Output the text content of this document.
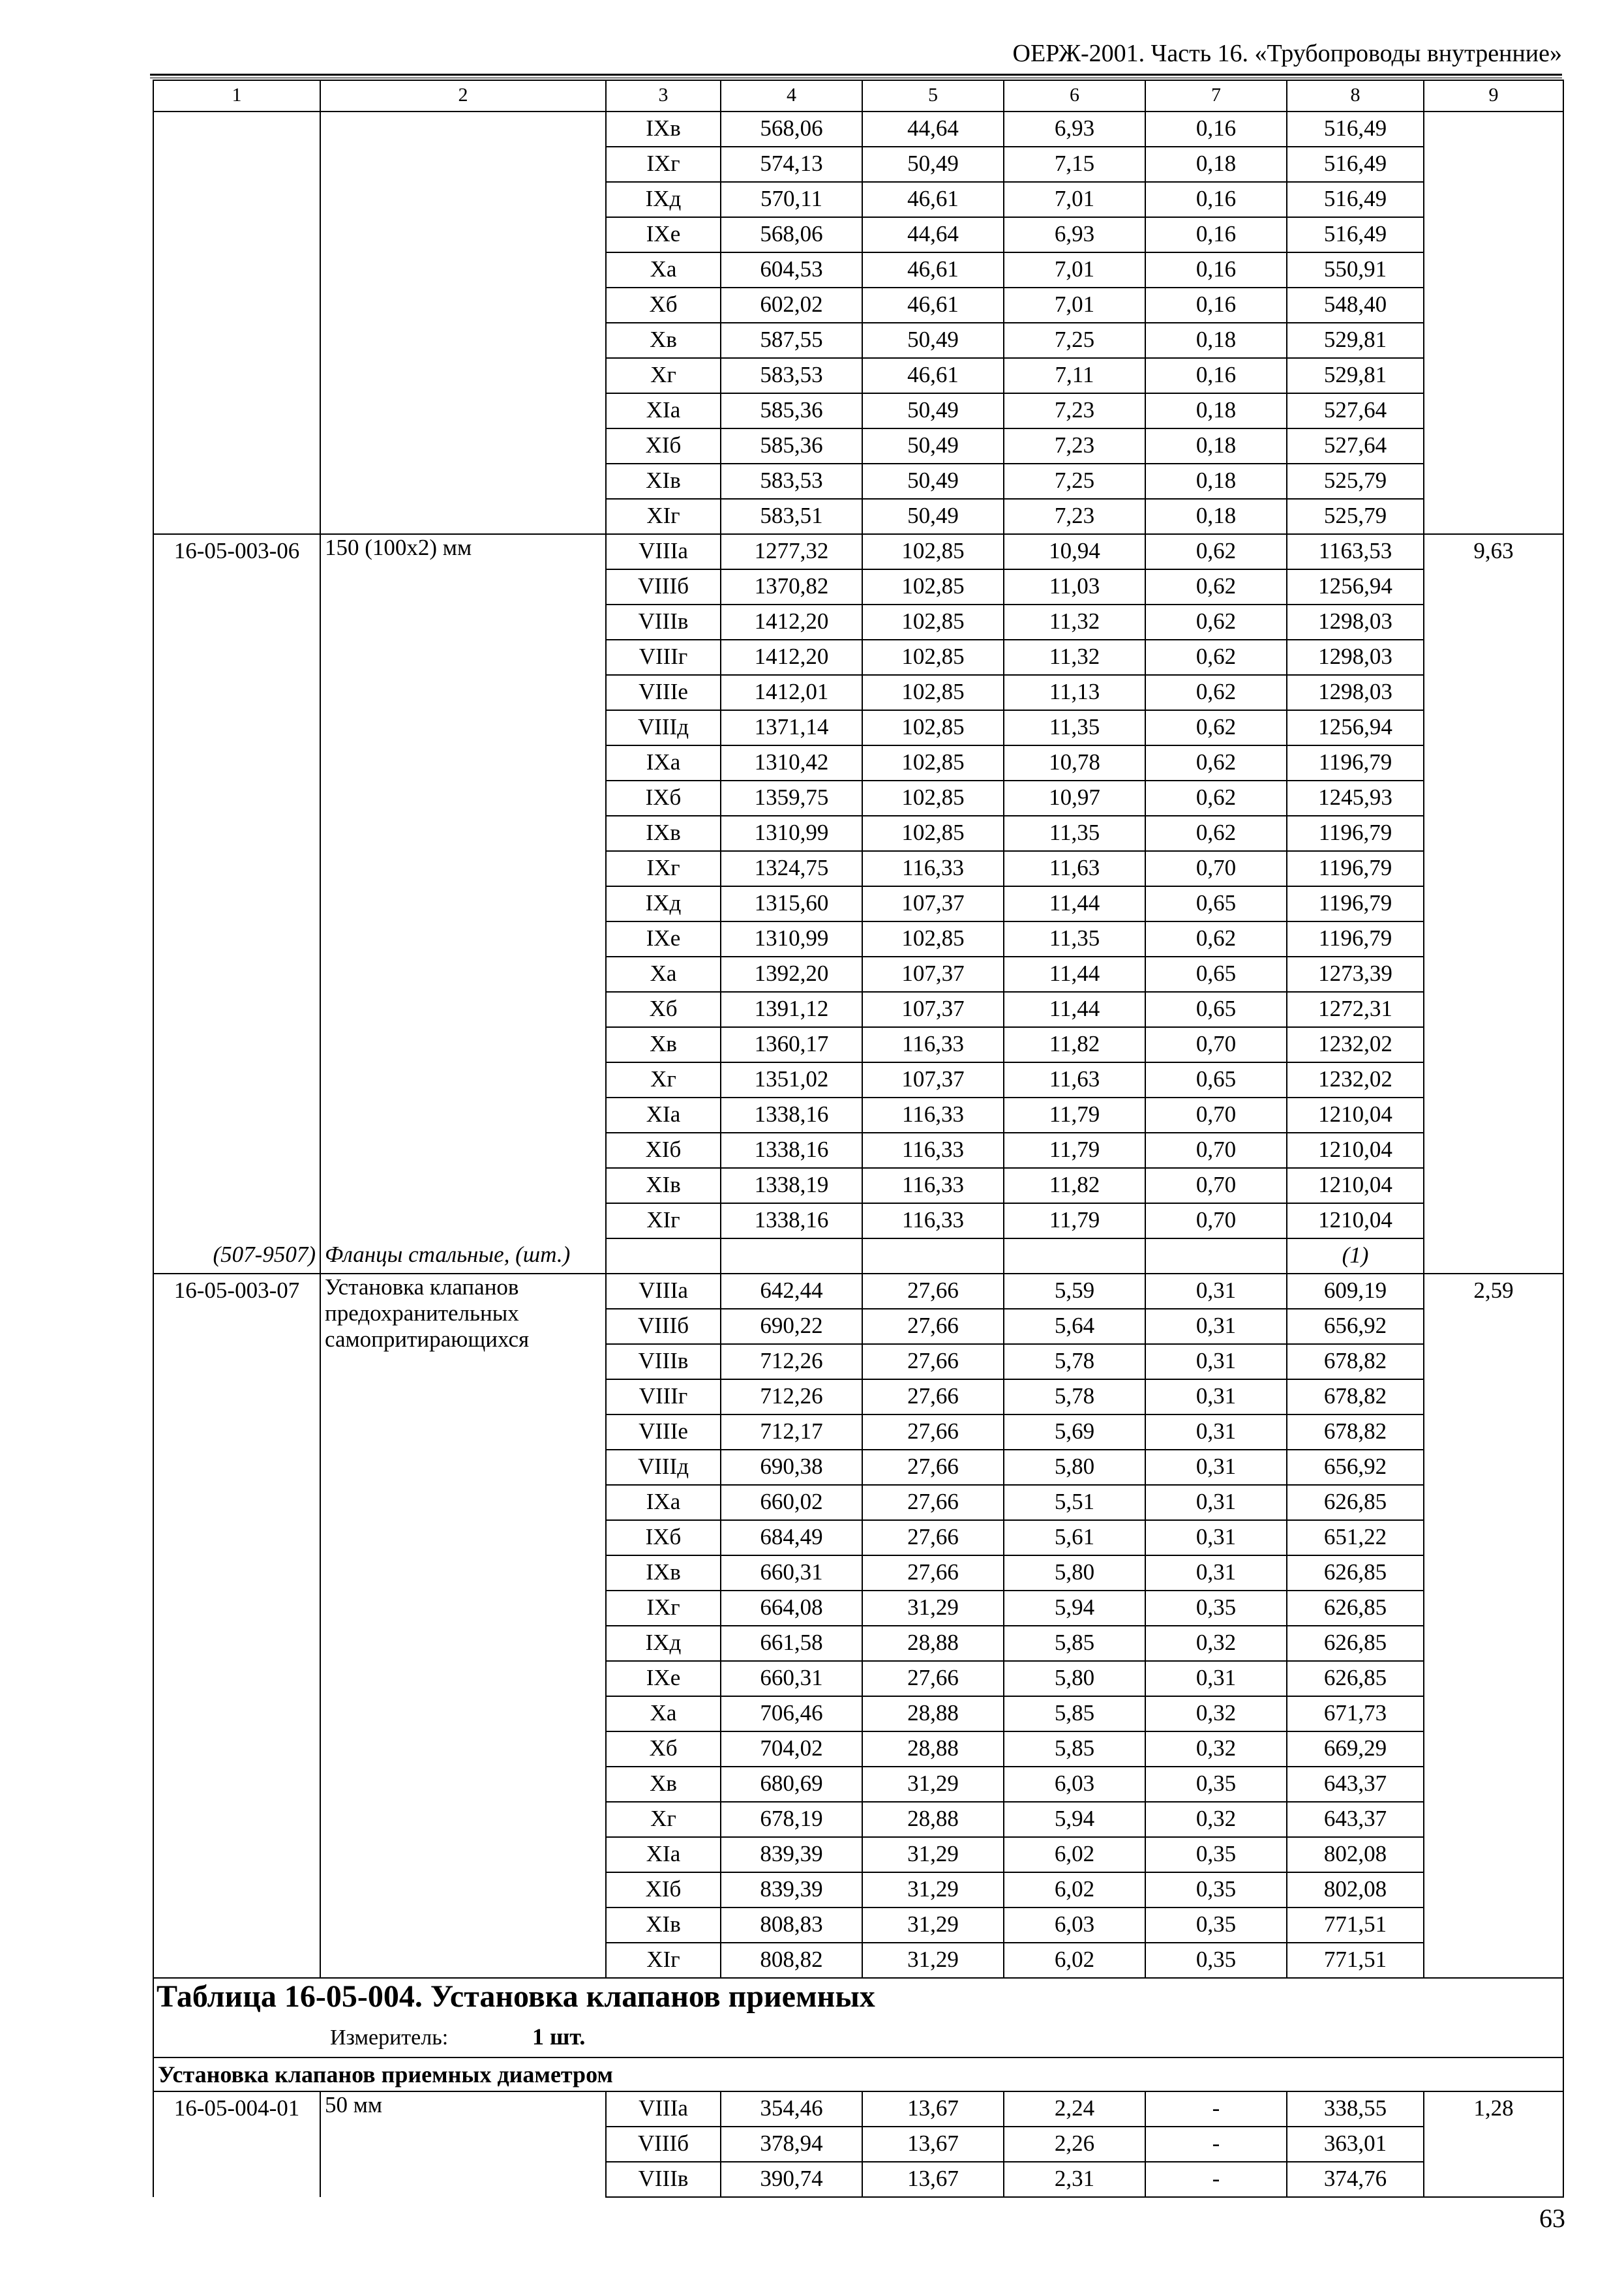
ОЕРЖ-2001. Часть 16. «Трубопроводы внутренние»
1	2	3	4	5	6	7	8	9
		IXв	568,06	44,64	6,93	0,16	516,49	
		IXг	574,13	50,49	7,15	0,18	516,49	
		IXд	570,11	46,61	7,01	0,16	516,49	
		IXе	568,06	44,64	6,93	0,16	516,49	
		Xа	604,53	46,61	7,01	0,16	550,91	
		Xб	602,02	46,61	7,01	0,16	548,40	
		Xв	587,55	50,49	7,25	0,18	529,81	
		Xг	583,53	46,61	7,11	0,16	529,81	
		XIа	585,36	50,49	7,23	0,18	527,64	
		XIб	585,36	50,49	7,23	0,18	527,64	
		XIв	583,53	50,49	7,25	0,18	525,79	
		XIг	583,51	50,49	7,23	0,18	525,79	
16-05-003-06	150 (100х2) мм	VIIIа	1277,32	102,85	10,94	0,62	1163,53	9,63
		VIIIб	1370,82	102,85	11,03	0,62	1256,94	
		VIIIв	1412,20	102,85	11,32	0,62	1298,03	
		VIIIг	1412,20	102,85	11,32	0,62	1298,03	
		VIIIе	1412,01	102,85	11,13	0,62	1298,03	
		VIIIд	1371,14	102,85	11,35	0,62	1256,94	
		IXа	1310,42	102,85	10,78	0,62	1196,79	
		IXб	1359,75	102,85	10,97	0,62	1245,93	
		IXв	1310,99	102,85	11,35	0,62	1196,79	
		IXг	1324,75	116,33	11,63	0,70	1196,79	
		IXд	1315,60	107,37	11,44	0,65	1196,79	
		IXе	1310,99	102,85	11,35	0,62	1196,79	
		Xа	1392,20	107,37	11,44	0,65	1273,39	
		Xб	1391,12	107,37	11,44	0,65	1272,31	
		Xв	1360,17	116,33	11,82	0,70	1232,02	
		Xг	1351,02	107,37	11,63	0,65	1232,02	
		XIа	1338,16	116,33	11,79	0,70	1210,04	
		XIб	1338,16	116,33	11,79	0,70	1210,04	
		XIв	1338,19	116,33	11,82	0,70	1210,04	
		XIг	1338,16	116,33	11,79	0,70	1210,04	
(507-9507)	Фланцы стальные, (шт.)						(1)	
16-05-003-07	Установка клапанов предохранительных самопритирающихся	VIIIа	642,44	27,66	5,59	0,31	609,19	2,59
		VIIIб	690,22	27,66	5,64	0,31	656,92	
		VIIIв	712,26	27,66	5,78	0,31	678,82	
		VIIIг	712,26	27,66	5,78	0,31	678,82	
		VIIIе	712,17	27,66	5,69	0,31	678,82	
		VIIIд	690,38	27,66	5,80	0,31	656,92	
		IXа	660,02	27,66	5,51	0,31	626,85	
		IXб	684,49	27,66	5,61	0,31	651,22	
		IXв	660,31	27,66	5,80	0,31	626,85	
		IXг	664,08	31,29	5,94	0,35	626,85	
		IXд	661,58	28,88	5,85	0,32	626,85	
		IXе	660,31	27,66	5,80	0,31	626,85	
		Xа	706,46	28,88	5,85	0,32	671,73	
		Xб	704,02	28,88	5,85	0,32	669,29	
		Xв	680,69	31,29	6,03	0,35	643,37	
		Xг	678,19	28,88	5,94	0,32	643,37	
		XIа	839,39	31,29	6,02	0,35	802,08	
		XIб	839,39	31,29	6,02	0,35	802,08	
		XIв	808,83	31,29	6,03	0,35	771,51	
		XIг	808,82	31,29	6,02	0,35	771,51	
Таблица 16-05-004. Установка клапанов приемных								
Измеритель: 1 шт.								
Установка клапанов приемных диаметром								
16-05-004-01	50 мм	VIIIа	354,46	13,67	2,24	-	338,55	1,28
		VIIIб	378,94	13,67	2,26	-	363,01	
		VIIIв	390,74	13,67	2,31	-	374,76	
63
